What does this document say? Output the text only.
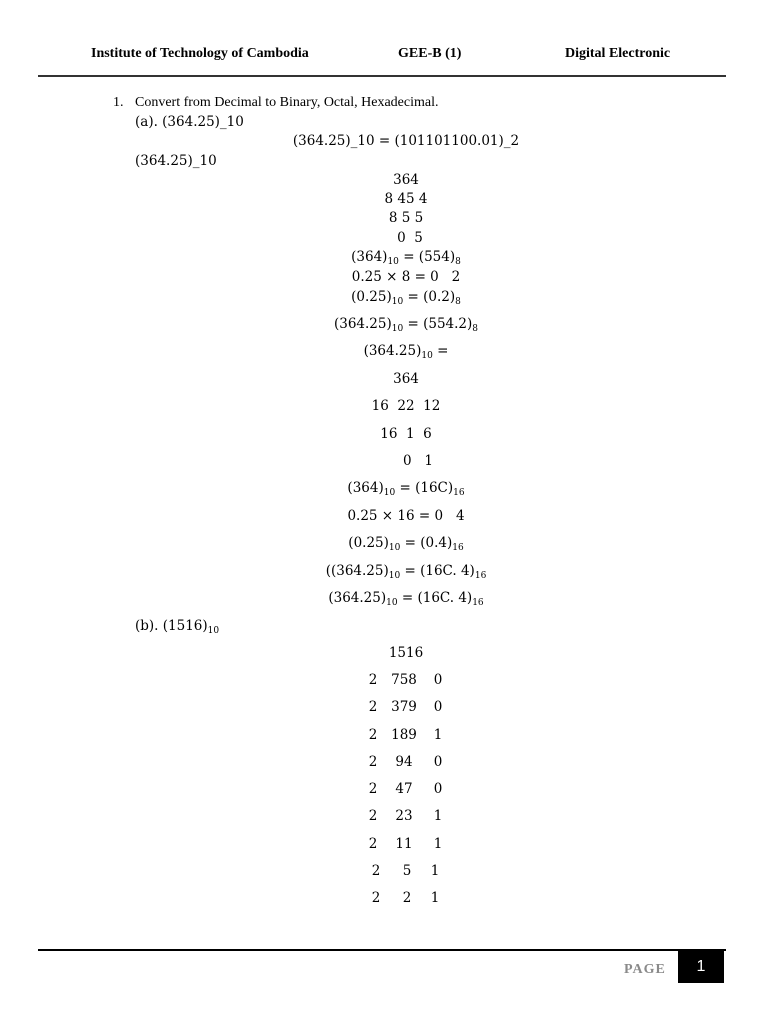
Institute of Technology of Cambodia	GEE-B (1)	Digital Electronic
1. Convert from Decimal to Binary, Octal, Hexadecimal.
(a). (364.25)_10
(364.25)_10 = (101101100.01)_2
(364.25)_10
364
8 45 4
8 5 5
0  5
$(364)_{10} = (554)_8$
0.25 × 8 = 0   2
$(0.25)_{10} = (0.2)_8$
$(364.25)_{10} = (554.2)_8$
$(364.25)_{10}$ =
364
16  22  12
16  1  6
0   1
$(364)_{10} = (16C)_{16}$
0.25 × 16 = 0   4
$(0.25)_{10} = (0.4)_{16}$
($(364.25)_{10} = (16C$. $4)_{16}$
$(364.25)_{10} = (16C$. $4)_{16}$
(b). $(1516)_{10}$
1516
2 758 0
2 379 0
2 189 1
2 94 0
2 47 0
2 23 1
2 11 1
2 5 1
2 2 1
PAGE	1
